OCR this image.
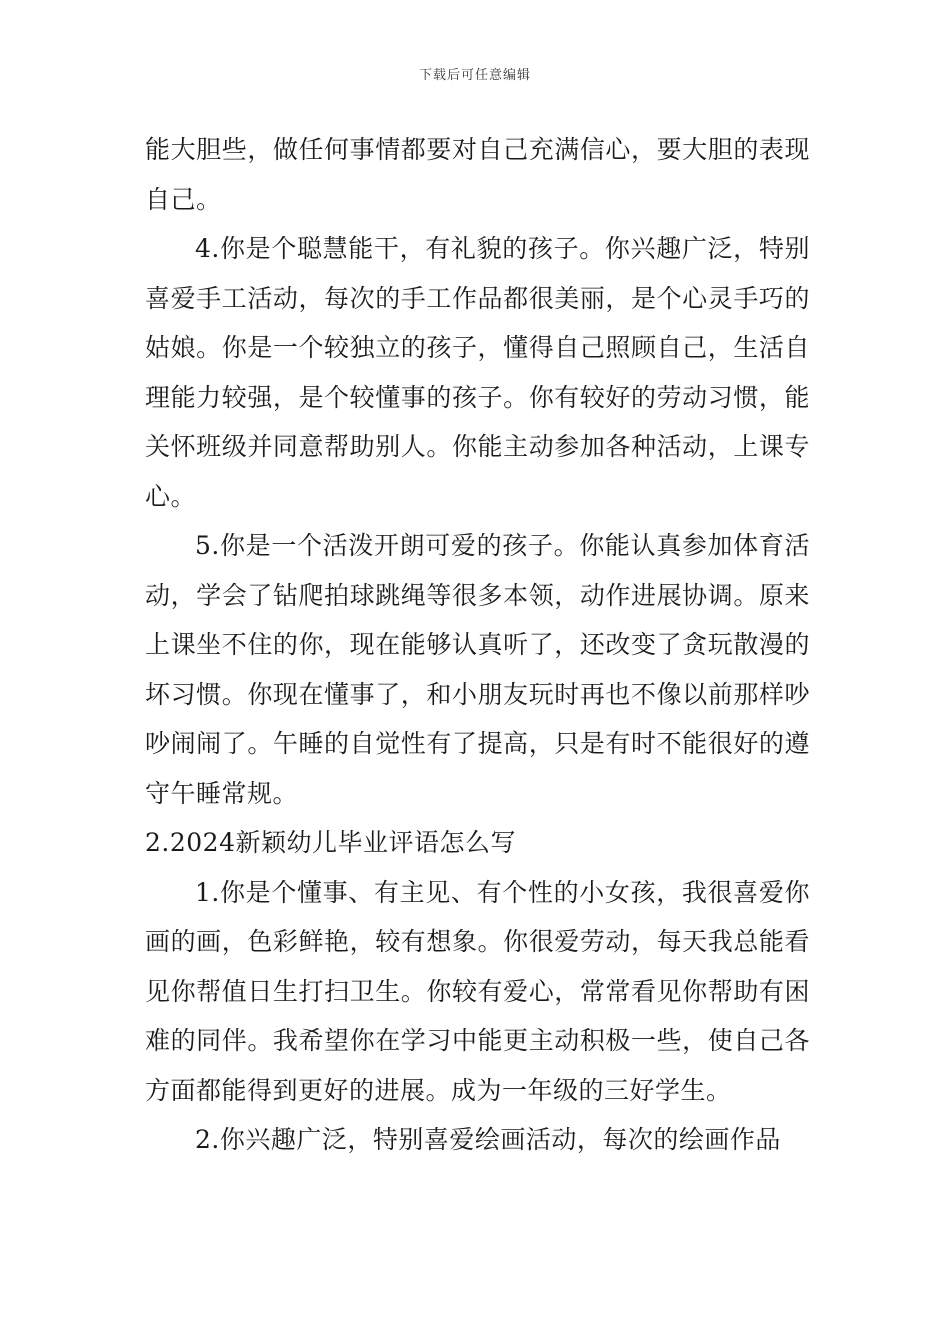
下载后可任意编辑

能大胆些，做任何事情都要对自己充满信心，要大胆的表现自己。

4.你是个聪慧能干，有礼貌的孩子。你兴趣广泛，特别喜爱手工活动，每次的手工作品都很美丽，是个心灵手巧的姑娘。你是一个较独立的孩子，懂得自己照顾自己，生活自理能力较强，是个较懂事的孩子。你有较好的劳动习惯，能关怀班级并同意帮助别人。你能主动参加各种活动，上课专心。

5.你是一个活泼开朗可爱的孩子。你能认真参加体育活动，学会了钻爬拍球跳绳等很多本领，动作进展协调。原来上课坐不住的你，现在能够认真听了，还改变了贪玩散漫的坏习惯。你现在懂事了，和小朋友玩时再也不像以前那样吵吵闹闹了。午睡的自觉性有了提高，只是有时不能很好的遵守午睡常规。

2.2024新颖幼儿毕业评语怎么写

1.你是个懂事、有主见、有个性的小女孩，我很喜爱你画的画，色彩鲜艳，较有想象。你很爱劳动，每天我总能看见你帮值日生打扫卫生。你较有爱心，常常看见你帮助有困难的同伴。我希望你在学习中能更主动积极一些，使自己各方面都能得到更好的进展。成为一年级的三好学生。

2.你兴趣广泛，特别喜爱绘画活动，每次的绘画作品
